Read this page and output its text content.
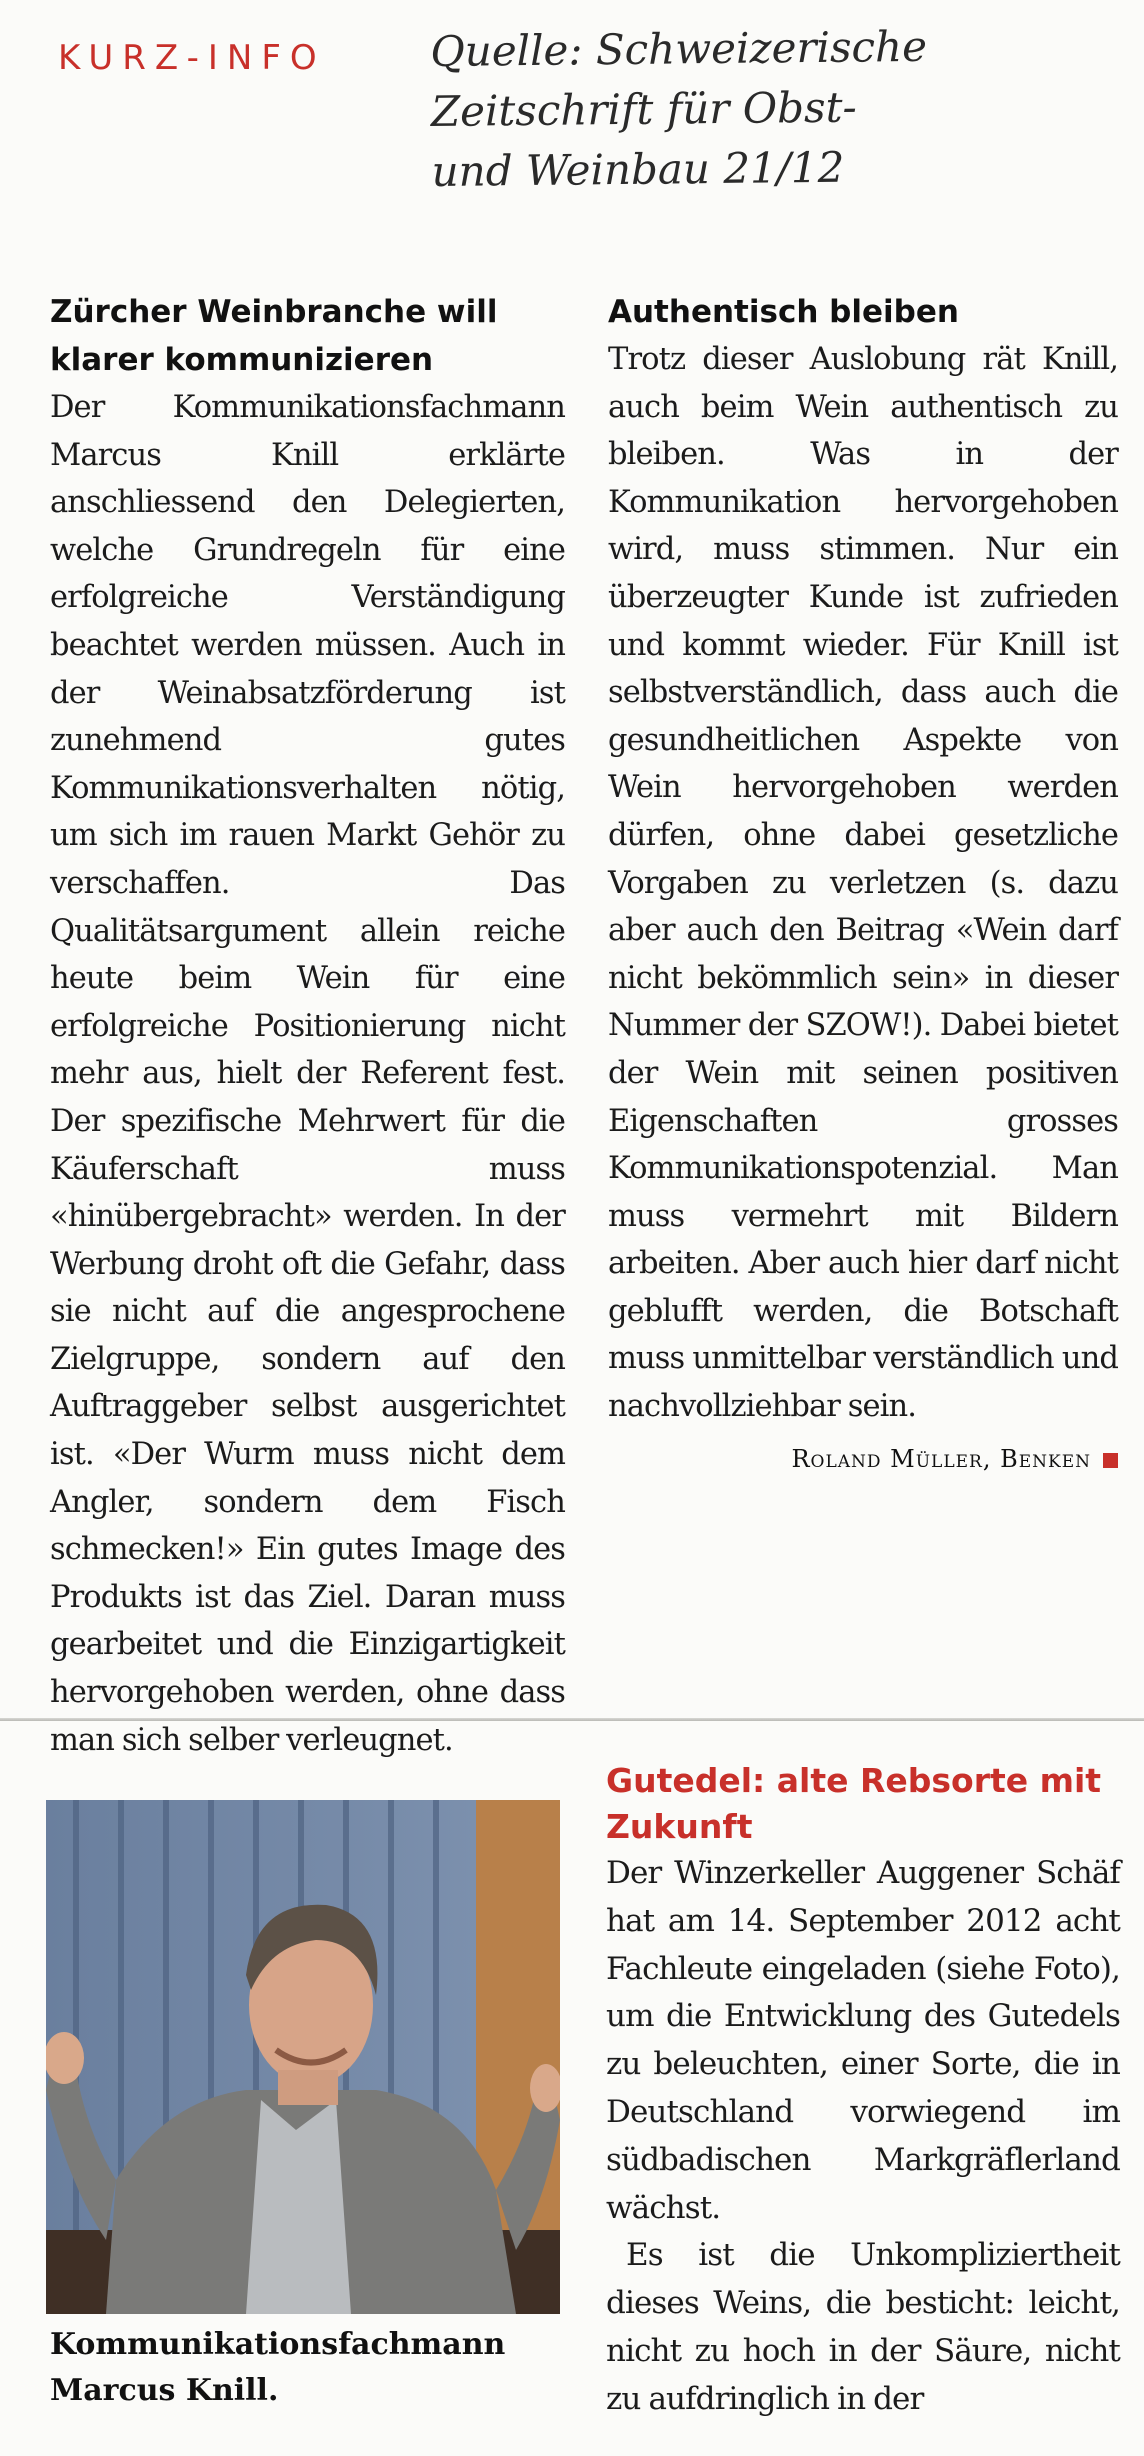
KURZ-INFO Quelle: Schweizerische
Zeitschrift für Obst-
und Weinbau 21/12
Zürcher Weinbranche will klarer kommunizieren

Der Kommunikationsfachmann Marcus Knill erklärte anschliessend den Delegierten, welche Grundregeln für eine erfolgreiche Verständigung beachtet werden müssen. Auch in der Weinabsatzförderung ist zunehmend gutes Kommunikationsverhalten nötig, um sich im rauen Markt Gehör zu verschaffen. Das Qualitätsargument allein reiche heute beim Wein für eine erfolgreiche Positionierung nicht mehr aus, hielt der Referent fest. Der spezifische Mehrwert für die Käuferschaft muss «hinübergebracht» werden. In der Werbung droht oft die Gefahr, dass sie nicht auf die angesprochene Zielgruppe, sondern auf den Auftraggeber selbst ausgerichtet ist. «Der Wurm muss nicht dem Angler, sondern dem Fisch schmecken!» Ein gutes Image des Produkts ist das Ziel. Daran muss gearbeitet und die Einzigartigkeit hervorgehoben werden, ohne dass man sich selber verleugnet.

Authentisch bleiben

Trotz dieser Auslobung rät Knill, auch beim Wein authentisch zu bleiben. Was in der Kommunikation hervorgehoben wird, muss stimmen. Nur ein überzeugter Kunde ist zufrieden und kommt wieder. Für Knill ist selbstverständlich, dass auch die gesundheitlichen Aspekte von Wein hervorgehoben werden dürfen, ohne dabei gesetzliche Vorgaben zu verletzen (s. dazu aber auch den Beitrag «Wein darf nicht bekömmlich sein» in dieser Nummer der SZOW!). Dabei bietet der Wein mit seinen positiven Eigenschaften grosses Kommunikationspotenzial. Man muss vermehrt mit Bildern arbeiten. Aber auch hier darf nicht geblufft werden, die Botschaft muss unmittelbar verständlich und nachvollziehbar sein.

Roland Müller, Benken

Kommunikationsfachmann Marcus Knill.

Gutedel: alte Rebsorte mit Zukunft

Der Winzerkeller Auggener Schäf hat am 14. September 2012 acht Fachleute eingeladen (siehe Foto), um die Entwicklung des Gutedels zu beleuchten, einer Sorte, die in Deutschland vorwiegend im südbadischen Markgräflerland wächst.

Es ist die Unkompliziertheit dieses Weins, die besticht: leicht, nicht zu hoch in der Säure, nicht zu aufdringlich in der
